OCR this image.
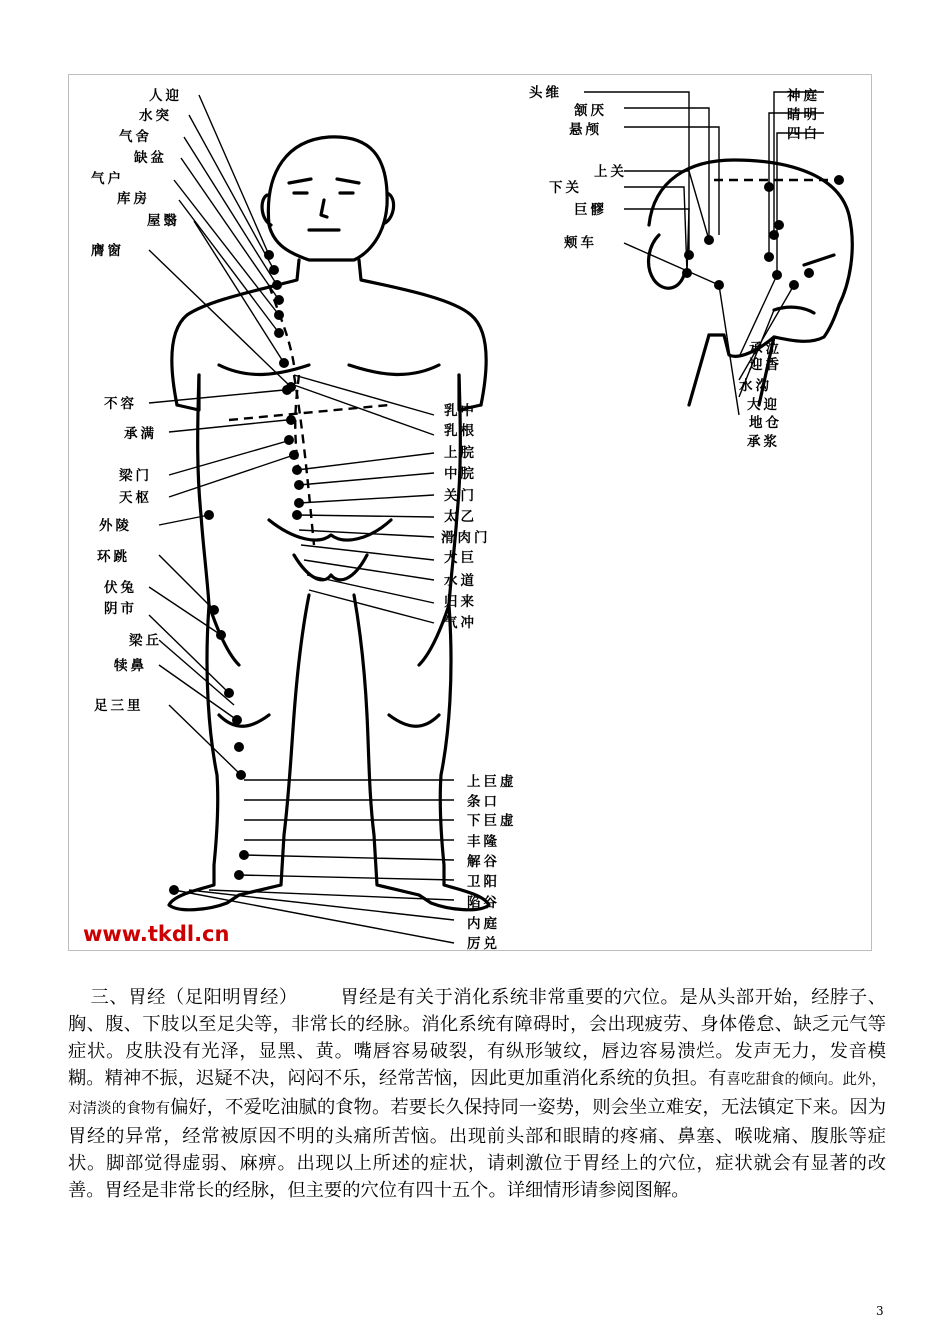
人迎
水突
气舍
缺盆
气户
库房
屋翳
膺窗
不容
承满
梁门
天枢
外陵
环跳
伏兔
阴市
梁丘
犊鼻
足三里
乳中
乳根
上脘
中脘
关门
太乙
滑肉门
大巨
水道
归来
气冲
上巨虚
条口
下巨虚
丰隆
解谷
卫阳
陷谷
内庭
厉兑
头维
颔厌
悬颅
上关
下关
巨髎
颊车
神庭
睛明
四白
承泣
迎香
水沟
大迎
地仓
承浆
www.tkdl.cn

三、胃经（足阳明胃经） 胃经是有关于消化系统非常重要的穴位。是从头部开始，经脖子、胸、腹、下肢以至足尖等，非常长的经脉。消化系统有障碍时，会出现疲劳、身体倦怠、缺乏元气等症状。皮肤没有光泽，显黑、黄。嘴唇容易破裂，有纵形皱纹，唇边容易溃烂。发声无力，发音模糊。精神不振，迟疑不决，闷闷不乐，经常苦恼，因此更加重消化系统的负担。有喜吃甜食的倾向。此外，对清淡的食物有偏好，不爱吃油腻的食物。若要长久保持同一姿势，则会坐立难安，无法镇定下来。因为胃经的异常，经常被原因不明的头痛所苦恼。出现前头部和眼睛的疼痛、鼻塞、喉咙痛、腹胀等症状。脚部觉得虚弱、麻痹。出现以上所述的症状，请刺激位于胃经上的穴位，症状就会有显著的改善。胃经是非常长的经脉，但主要的穴位有四十五个。详细情形请参阅图解。

3
